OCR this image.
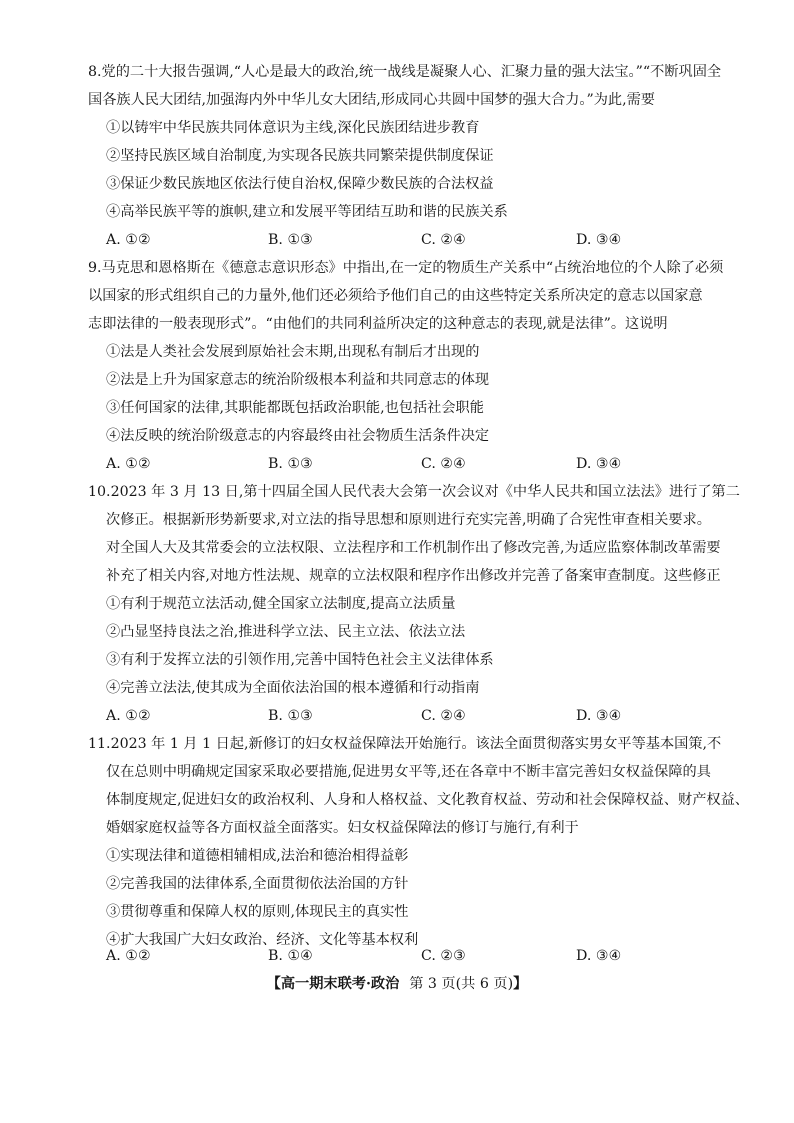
8.党的二十大报告强调,“人心是最大的政治,统一战线是凝聚人心、汇聚力量的强大法宝。”“不断巩固全

国各族人民大团结,加强海内外中华儿女大团结,形成同心共圆中国梦的强大合力。”为此,需要

①以铸牢中华民族共同体意识为主线,深化民族团结进步教育

②坚持民族区域自治制度,为实现各民族共同繁荣提供制度保证

③保证少数民族地区依法行使自治权,保障少数民族的合法权益

④高举民族平等的旗帜,建立和发展平等团结互助和谐的民族关系

A. ①②	B. ①③	C. ②④	D. ③④

9.马克思和恩格斯在《德意志意识形态》中指出,在一定的物质生产关系中“占统治地位的个人除了必须

以国家的形式组织自己的力量外,他们还必须给予他们自己的由这些特定关系所决定的意志以国家意

志即法律的一般表现形式”。“由他们的共同利益所决定的这种意志的表现,就是法律”。这说明

①法是人类社会发展到原始社会末期,出现私有制后才出现的

②法是上升为国家意志的统治阶级根本利益和共同意志的体现

③任何国家的法律,其职能都既包括政治职能,也包括社会职能

④法反映的统治阶级意志的内容最终由社会物质生活条件决定

A. ①②	B. ①③	C. ②④	D. ③④

10.2023 年 3 月 13 日,第十四届全国人民代表大会第一次会议对《中华人民共和国立法法》进行了第二

次修正。根据新形势新要求,对立法的指导思想和原则进行充实完善,明确了合宪性审查相关要求。

对全国人大及其常委会的立法权限、立法程序和工作机制作出了修改完善,为适应监察体制改革需要

补充了相关内容,对地方性法规、规章的立法权限和程序作出修改并完善了备案审查制度。这些修正

①有利于规范立法活动,健全国家立法制度,提高立法质量

②凸显坚持良法之治,推进科学立法、民主立法、依法立法

③有利于发挥立法的引领作用,完善中国特色社会主义法律体系

④完善立法法,使其成为全面依法治国的根本遵循和行动指南

A. ①②	B. ①③	C. ②④	D. ③④

11.2023 年 1 月 1 日起,新修订的妇女权益保障法开始施行。该法全面贯彻落实男女平等基本国策,不

仅在总则中明确规定国家采取必要措施,促进男女平等,还在各章中不断丰富完善妇女权益保障的具

体制度规定,促进妇女的政治权利、人身和人格权益、文化教育权益、劳动和社会保障权益、财产权益、

婚姻家庭权益等各方面权益全面落实。妇女权益保障法的修订与施行,有利于

①实现法律和道德相辅相成,法治和德治相得益彰

②完善我国的法律体系,全面贯彻依法治国的方针

③贯彻尊重和保障人权的原则,体现民主的真实性

④扩大我国广大妇女政治、经济、文化等基本权利

A. ①②	B. ①④	C. ②③	D. ③④
【高一期末联考·政治 第 3 页(共 6 页)】
